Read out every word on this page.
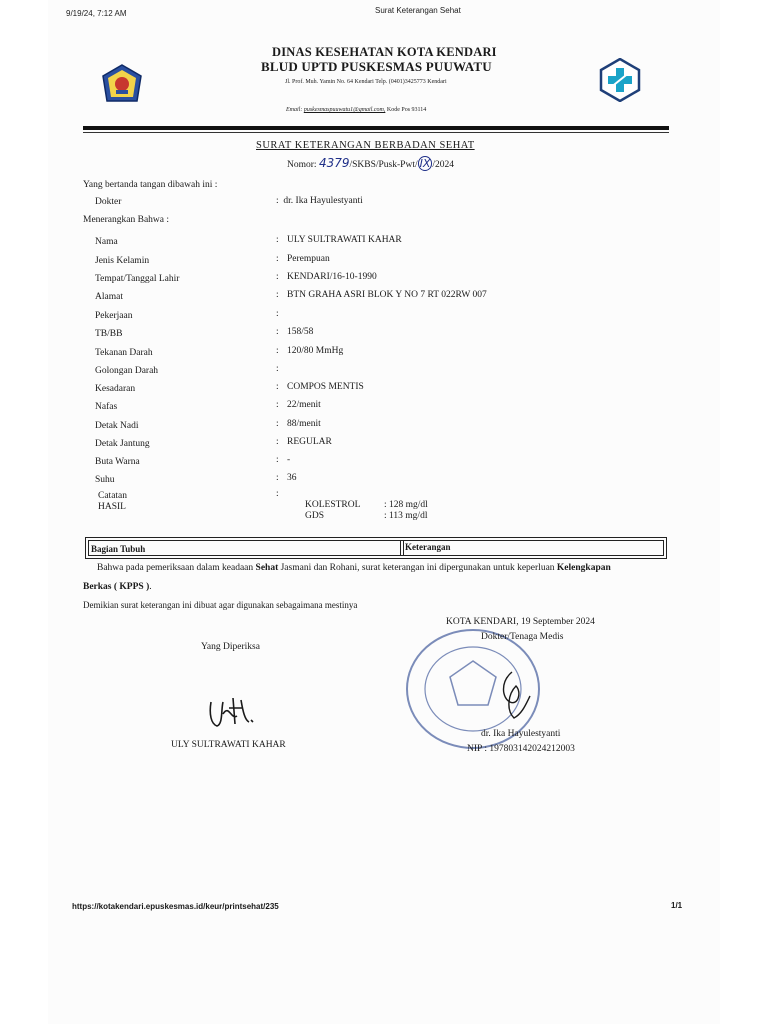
9/19/24, 7:12 AM	Surat Keterangan Sehat
DINAS KESEHATAN KOTA KENDARI
BLUD UPTD PUSKESMAS PUUWATU
Jl. Prof. Muh. Yamin No. 64 Kendari Telp. (0401)3425773 Kendari
Email: puskesmaspuuwatu1@gmail.com, Kode Pos 93114
SURAT KETERANGAN BERBADAN SEHAT
Nomor: 4379/SKBS/Pusk-Pwt/ IX /2024
Yang bertanda tangan dibawah ini :
Dokter	:  dr. Ika Hayulestyanti
Menerangkan Bahwa :
Nama	: ULY SULTRAWATI KAHAR
Jenis Kelamin	: Perempuan
Tempat/Tanggal Lahir	: KENDARI/16-10-1990
Alamat	: BTN GRAHA ASRI BLOK Y NO 7 RT 022RW 007
Pekerjaan	:
TB/BB	: 158/58
Tekanan Darah	: 120/80 MmHg
Golongan Darah	:
Kesadaran	: COMPOS MENTIS
Nafas	: 22/menit
Detak Nadi	: 88/menit
Detak Jantung	: REGULAR
Buta Warna	: -
Suhu	: 36
Catatan	:
HASIL	KOLESTROL : 128 mg/dl
GDS	: 113 mg/dl
Bagian Tubuh	Keterangan
Bahwa pada pemeriksaan dalam keadaan Sehat Jasmani dan Rohani, surat keterangan ini dipergunakan untuk keperluan Kelengkapan
Berkas ( KPPS ).
Demikian surat keterangan ini dibuat agar digunakan sebagaimana mestinya
Yang Diperiksa
ULY SULTRAWATI KAHAR
KOTA KENDARI, 19 September 2024
Dokter/Tenaga Medis
dr. Ika Hayulestyanti
NIP : 197803142024212003
https://kotakendari.epuskesmas.id/keur/printsehat/235	1/1
